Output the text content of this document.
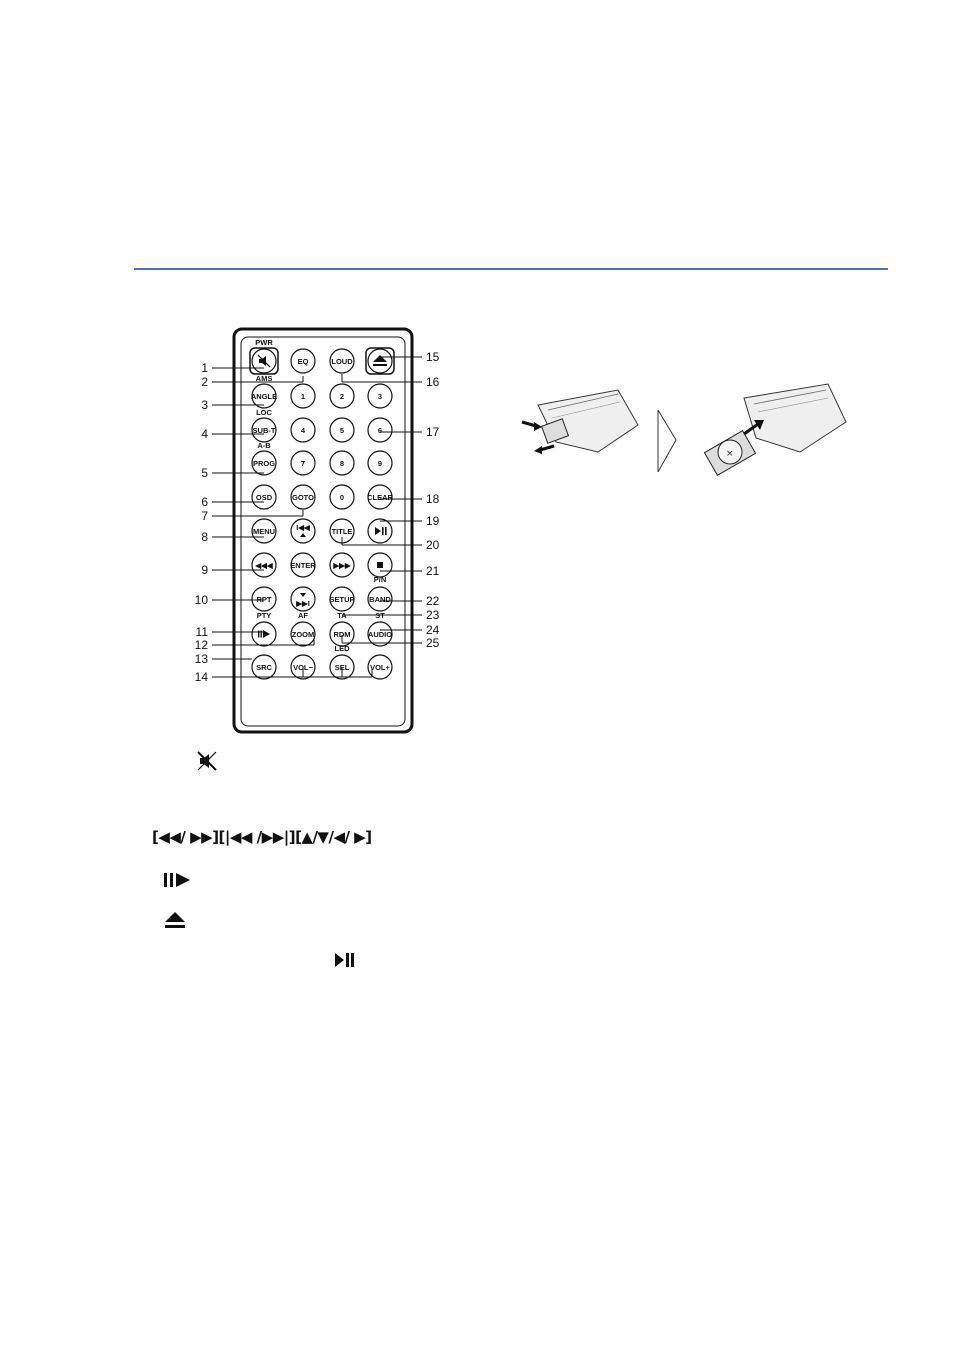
EQ	LOUD
ANGLE	1	2	3
SUB-T	4	5	6
PROG	7	8	9
OSD	GOTO	0	CLEAR
MENU	I◀◀	TITLE
◀◀◀ ENTER ▶▶▶
RPT	▶▶I	SETUP BAND
ZOOM	RDM AUDIO
SRC	VOL−	SEL	VOL+
PWR
AMS
LOC
A-B
P/N
PTY	AF	TA	ST
LED
1
2
3
4
5
6
7
8
9
10
11
12
13
14
15
16
17
18
19
20
21
22
23
24
25
×
[◀◀/ ▶▶][|◀◀ /▶▶|][▲/▼/◀/ ▶]
